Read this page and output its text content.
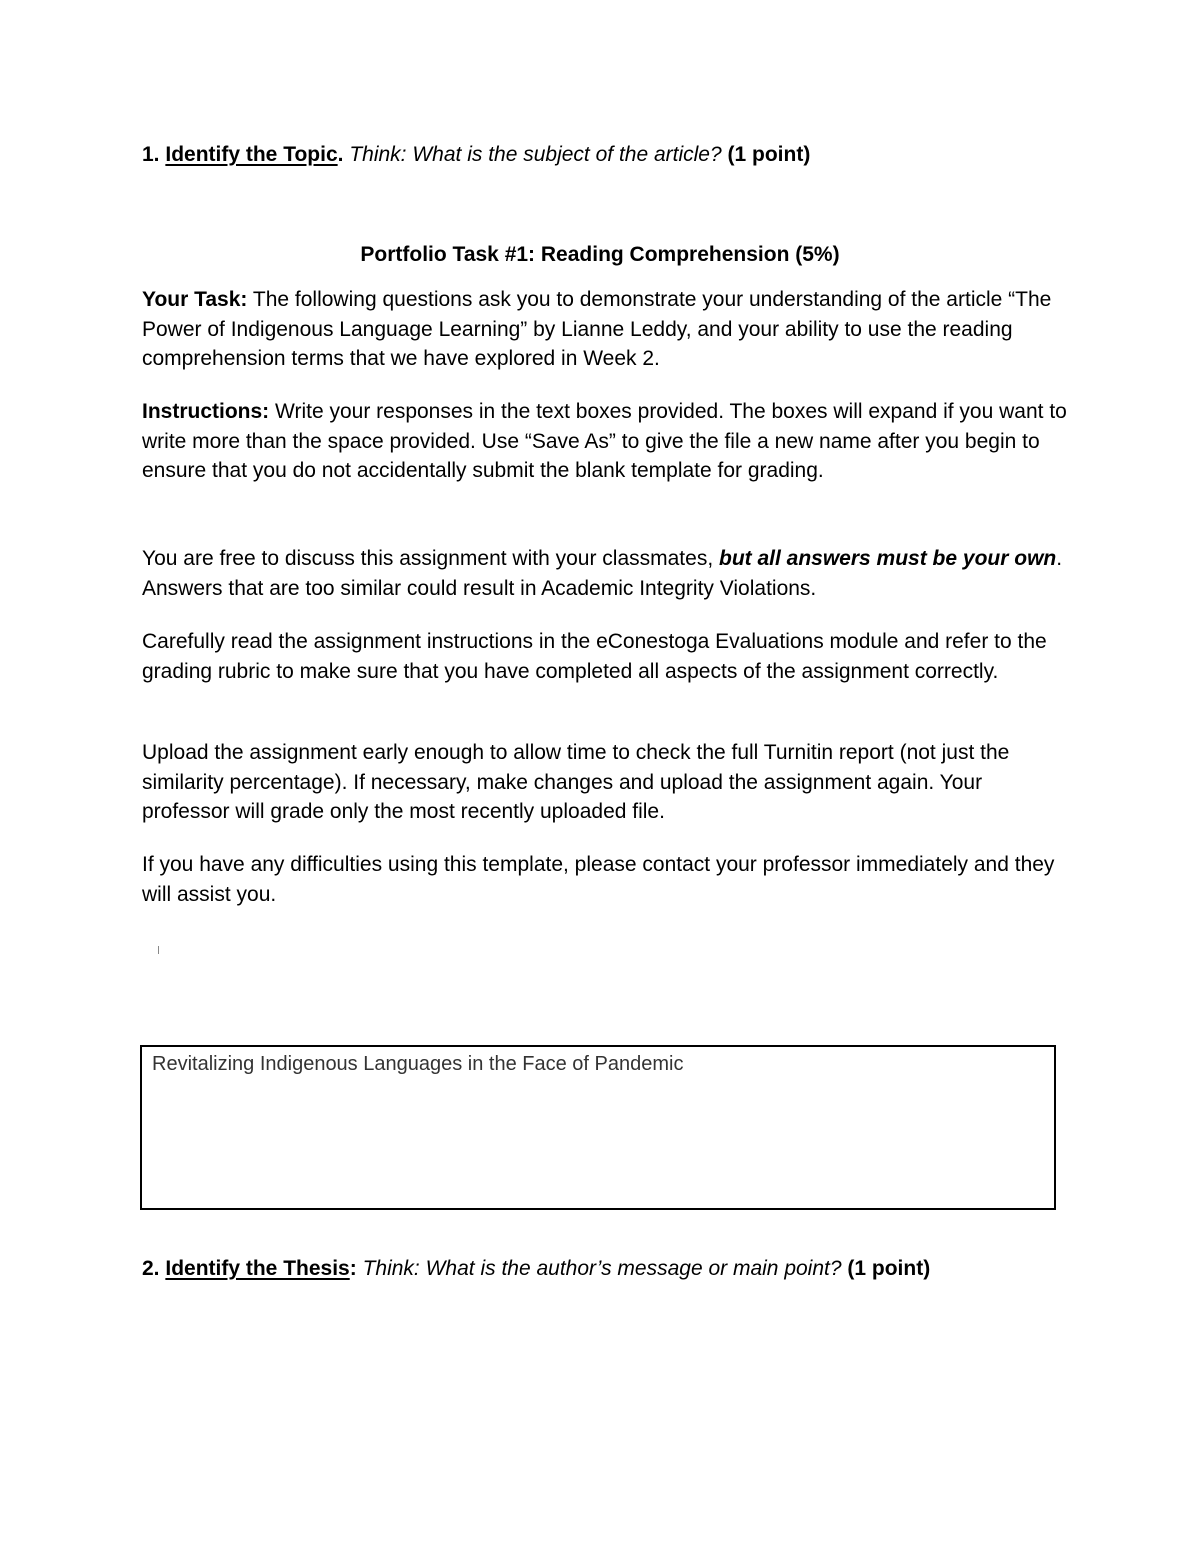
1. Identify the Topic. Think: What is the subject of the article? (1 point)
Portfolio Task #1: Reading Comprehension (5%)
Your Task: The following questions ask you to demonstrate your understanding of the article “The Power of Indigenous Language Learning” by Lianne Leddy, and your ability to use the reading comprehension terms that we have explored in Week 2.
Instructions: Write your responses in the text boxes provided. The boxes will expand if you want to write more than the space provided. Use “Save As” to give the file a new name after you begin to ensure that you do not accidentally submit the blank template for grading.
You are free to discuss this assignment with your classmates, but all answers must be your own. Answers that are too similar could result in Academic Integrity Violations.
Carefully read the assignment instructions in the eConestoga Evaluations module and refer to the grading rubric to make sure that you have completed all aspects of the assignment correctly.
Upload the assignment early enough to allow time to check the full Turnitin report (not just the similarity percentage). If necessary, make changes and upload the assignment again. Your professor will grade only the most recently uploaded file.
If you have any difficulties using this template, please contact your professor immediately and they will assist you.
Revitalizing Indigenous Languages in the Face of Pandemic
2. Identify the Thesis: Think: What is the author’s message or main point? (1 point)
